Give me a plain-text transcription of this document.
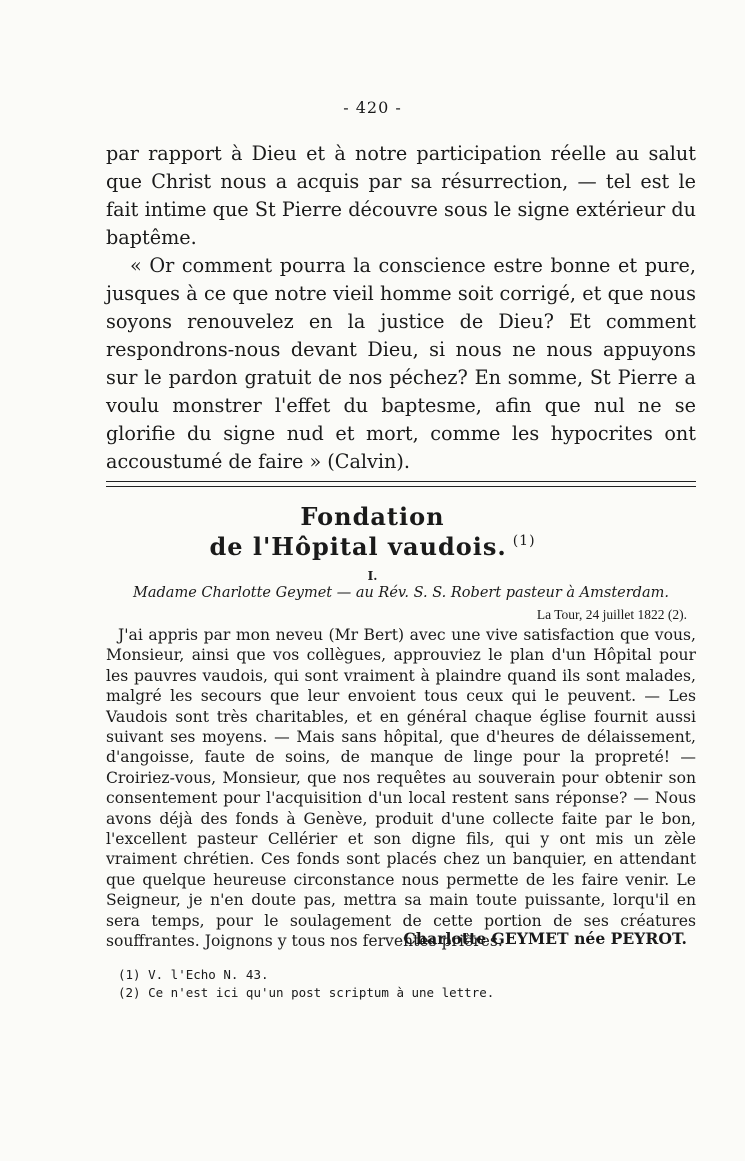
- 420 -

par rapport à Dieu et à notre participation réelle au salut que Christ nous a acquis par sa résurrection, — tel est le fait intime que St Pierre découvre sous le signe extérieur du baptême.

« Or comment pourra la conscience estre bonne et pure, jusques à ce que notre vieil homme soit corrigé, et que nous soyons renouvelez en la justice de Dieu? Et comment respondrons-nous devant Dieu, si nous ne nous appuyons sur le pardon gratuit de nos péchez? En somme, St Pierre a voulu monstrer l'effet du baptesme, afin que nul ne se glorifie du signe nud et mort, comme les hypocrites ont accoustumé de faire » (Calvin).

Fondation
de l'Hôpital vaudois. $^{(1)}$
I.
Madame Charlotte Geymet — au Rév. S. S. Robert pasteur à Amsterdam.
La Tour, 24 juillet 1822 (2).

J'ai appris par mon neveu (Mr Bert) avec une vive satisfaction que vous, Monsieur, ainsi que vos collègues, approuviez le plan d'un Hôpital pour les pauvres vaudois, qui sont vraiment à plaindre quand ils sont malades, malgré les secours que leur envoient tous ceux qui le peuvent. — Les Vaudois sont très charitables, et en général chaque église fournit aussi suivant ses moyens. — Mais sans hôpital, que d'heures de délaissement, d'angoisse, faute de soins, de manque de linge pour la propreté! — Croiriez-vous, Monsieur, que nos requêtes au souverain pour obtenir son consentement pour l'acquisition d'un local restent sans réponse? — Nous avons déjà des fonds à Genève, produit d'une collecte faite par le bon, l'excellent pasteur Cellérier et son digne fils, qui y ont mis un zèle vraiment chrétien. Ces fonds sont placés chez un banquier, en attendant que quelque heureuse circonstance nous permette de les faire venir. Le Seigneur, je n'en doute pas, mettra sa main toute puissante, lorqu'il en sera temps, pour le soulagement de cette portion de ses créatures souffrantes. Joignons y tous nos ferventes prières.

Charlotte GEYMET née PEYROT.
(1) V. l'Echo N. 43.
(2) Ce n'est ici qu'un post scriptum à une lettre.
